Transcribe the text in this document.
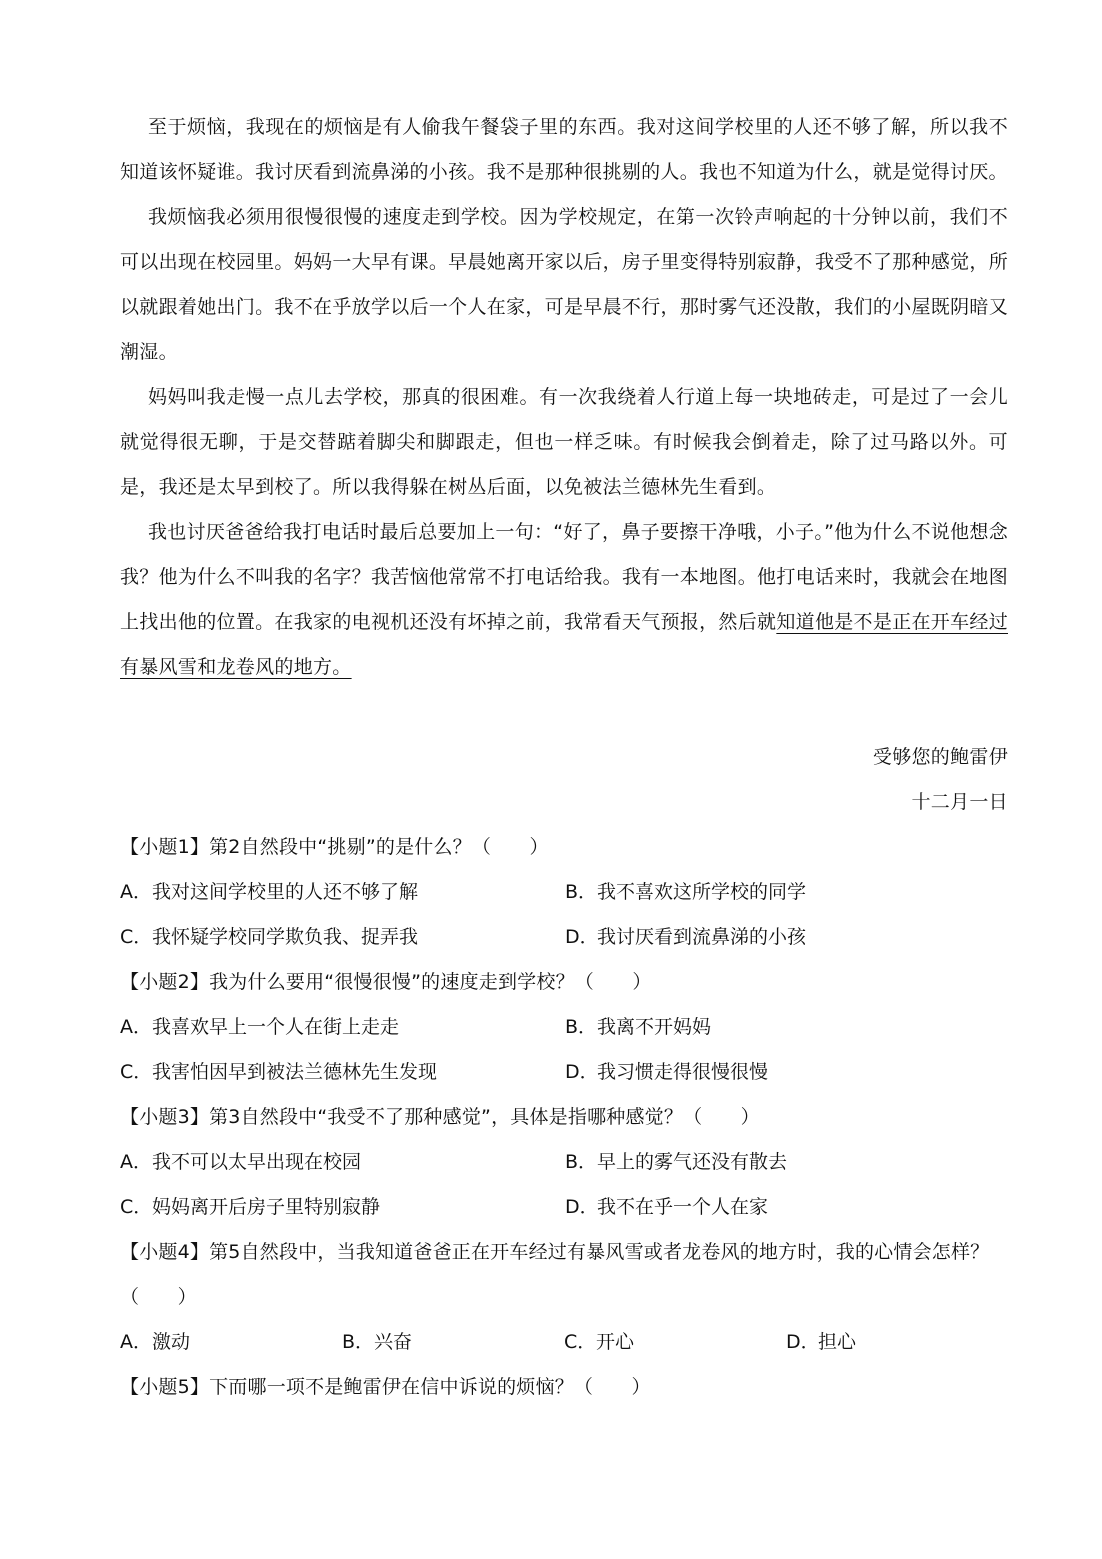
至于烦恼，我现在的烦恼是有人偷我午餐袋子里的东西。我对这间学校里的人还不够了解，所以我不知道该怀疑谁。我讨厌看到流鼻涕的小孩。我不是那种很挑剔的人。我也不知道为什么，就是觉得讨厌。

我烦恼我必须用很慢很慢的速度走到学校。因为学校规定，在第一次铃声响起的十分钟以前，我们不可以出现在校园里。妈妈一大早有课。早晨她离开家以后，房子里变得特别寂静，我受不了那种感觉，所以就跟着她出门。我不在乎放学以后一个人在家，可是早晨不行，那时雾气还没散，我们的小屋既阴暗又潮湿。

妈妈叫我走慢一点儿去学校，那真的很困难。有一次我绕着人行道上每一块地砖走，可是过了一会儿就觉得很无聊，于是交替踮着脚尖和脚跟走，但也一样乏味。有时候我会倒着走，除了过马路以外。可是，我还是太早到校了。所以我得躲在树丛后面，以免被法兰德林先生看到。

我也讨厌爸爸给我打电话时最后总要加上一句：“好了，鼻子要擦干净哦，小子。”他为什么不说他想念我？他为什么不叫我的名字？我苦恼他常常不打电话给我。我有一本地图。他打电话来时，我就会在地图上找出他的位置。在我家的电视机还没有坏掉之前，我常看天气预报，然后就知道他是不是正在开车经过有暴风雪和龙卷风的地方。

受够您的鲍雷伊
十二月一日
【小题1】第2自然段中“挑剔”的是什么？（　　）
A．我对这间学校里的人还不够了解	B．我不喜欢这所学校的同学
C．我怀疑学校同学欺负我、捉弄我	D．我讨厌看到流鼻涕的小孩
【小题2】我为什么要用“很慢很慢”的速度走到学校？（　　）
A．我喜欢早上一个人在街上走走	B．我离不开妈妈
C．我害怕因早到被法兰德林先生发现	D．我习惯走得很慢很慢
【小题3】第3自然段中“我受不了那种感觉”，具体是指哪种感觉？（　　）
A．我不可以太早出现在校园	B．早上的雾气还没有散去
C．妈妈离开后房子里特别寂静	D．我不在乎一个人在家
【小题4】第5自然段中，当我知道爸爸正在开车经过有暴风雪或者龙卷风的地方时，我的心情会怎样？（　　）
A．激动	B．兴奋	C．开心	D．担心
【小题5】下而哪一项不是鲍雷伊在信中诉说的烦恼？（　　）
